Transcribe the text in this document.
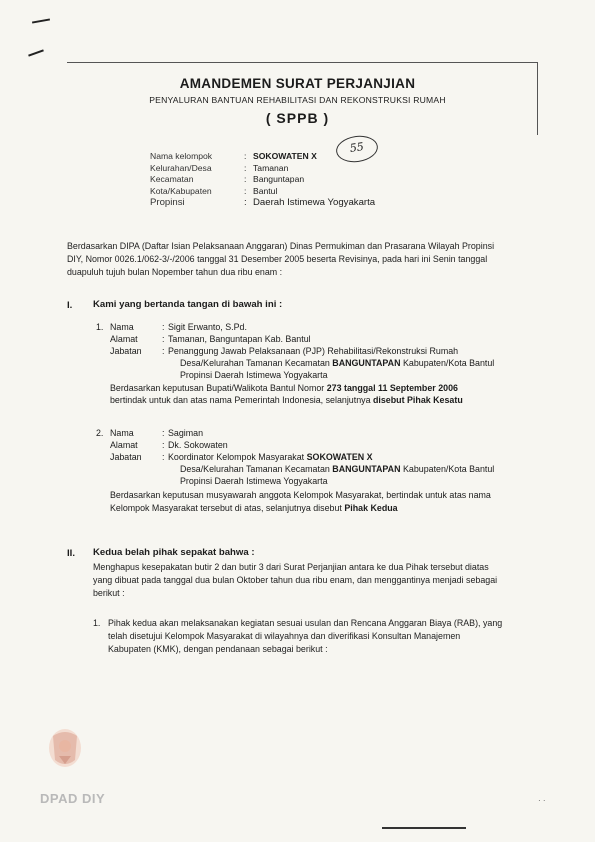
AMANDEMEN SURAT PERJANJIAN
PENYALURAN BANTUAN REHABILITASI DAN REKONSTRUKSI RUMAH
( SPPB )
55
Nama kelompok	: SOKOWATEN X
Kelurahan/Desa	: Tamanan
Kecamatan	: Banguntapan
Kota/Kabupaten	: Bantul
Propinsi	: Daerah Istimewa Yogyakarta
Berdasarkan DIPA (Daftar Isian Pelaksanaan Anggaran) Dinas Permukiman dan Prasarana Wilayah Propinsi
DIY, Nomor 0026.1/062-3/-/2006 tanggal 31 Desember 2005 beserta Revisinya, pada hari ini Senin tanggal
duapuluh tujuh bulan Nopember tahun dua ribu enam :
I. Kami yang bertanda tangan di bawah ini :
1. Nama	: Sigit Erwanto, S.Pd.
Alamat	: Tamanan, Banguntapan Kab. Bantul
Jabatan	: Penanggung Jawab Pelaksanaan (PJP) Rehabilitasi/Rekonstruksi Rumah
Desa/Kelurahan Tamanan Kecamatan BANGUNTAPAN Kabupaten/Kota Bantul
Propinsi Daerah Istimewa Yogyakarta
Berdasarkan keputusan Bupati/Walikota Bantul Nomor 273 tanggal 11 September 2006
bertindak untuk dan atas nama Pemerintah Indonesia, selanjutnya disebut Pihak Kesatu
2. Nama	: Sagiman
Alamat	: Dk. Sokowaten
Jabatan	: Koordinator Kelompok Masyarakat SOKOWATEN X
Desa/Kelurahan Tamanan Kecamatan BANGUNTAPAN Kabupaten/Kota Bantul
Propinsi Daerah Istimewa Yogyakarta
Berdasarkan keputusan musyawarah anggota Kelompok Masyarakat, bertindak untuk atas nama
Kelompok Masyarakat tersebut di atas, selanjutnya disebut Pihak Kedua
II. Kedua belah pihak sepakat bahwa :
Menghapus kesepakatan butir 2 dan butir 3 dari Surat Perjanjian antara ke dua Pihak tersebut diatas
yang dibuat pada tanggal dua bulan Oktober tahun dua ribu enam, dan menggantinya menjadi sebagai
berikut :
1. Pihak kedua akan melaksanakan kegiatan sesuai usulan dan Rencana Anggaran Biaya (RAB), yang
telah disetujui Kelompok Masyarakat di wilayahnya dan diverifikasi Konsultan Manajemen
Kabupaten (KMK), dengan pendanaan sebagai berikut :
DPAD DIY	· ·
